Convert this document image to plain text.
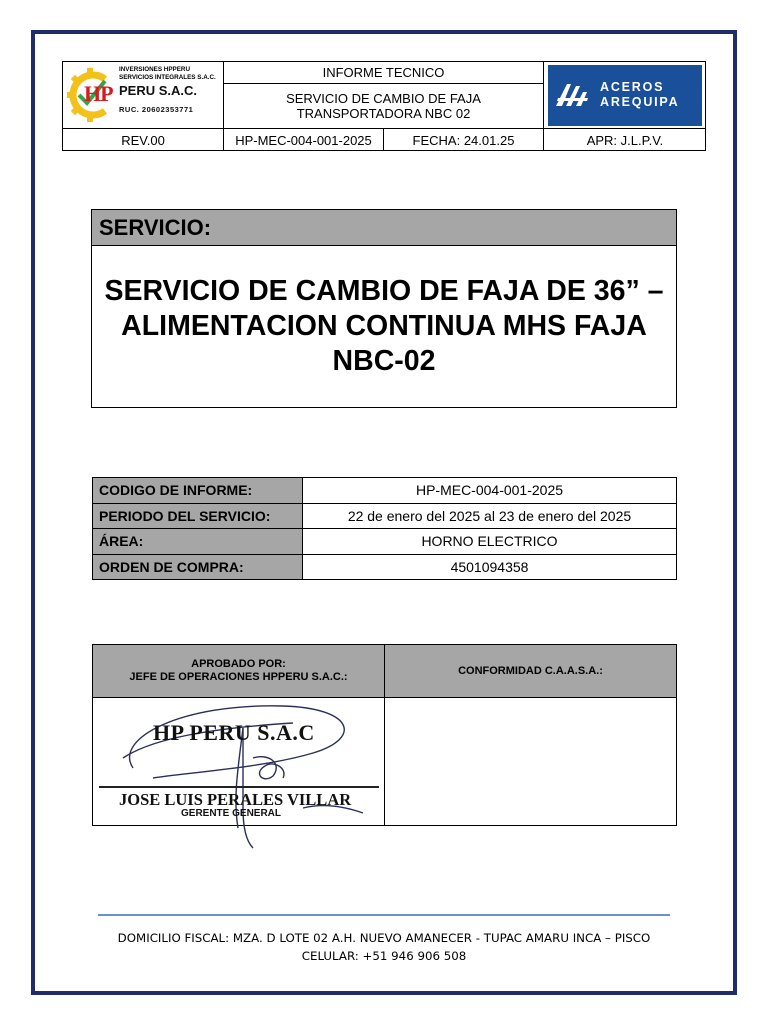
INVERSIONES HPPERU
SERVICIOS INTEGRALES S.A.C.
HP PERU S.A.C.
RUC. 20602353771
INFORME TECNICO
SERVICIO DE CAMBIO DE FAJA
TRANSPORTADORA NBC 02
ACEROS
AREQUIPA
REV.00	HP-MEC-004-001-2025	FECHA: 24.01.25	APR: J.L.P.V.
SERVICIO:
SERVICIO DE CAMBIO DE FAJA DE 36” – ALIMENTACION CONTINUA MHS FAJA NBC-02
CODIGO DE INFORME:	HP-MEC-004-001-2025
PERIODO DEL SERVICIO:	22 de enero del 2025 al 23 de enero del 2025
ÁREA:	HORNO ELECTRICO
ORDEN DE COMPRA:	4501094358
APROBADO POR:
JEFE DE OPERACIONES HPPERU S.A.C.:
CONFORMIDAD C.A.A.S.A.:
HP PERU S.A.C
JOSE LUIS PERALES VILLAR
GERENTE GENERAL
DOMICILIO FISCAL: MZA. D LOTE 02 A.H. NUEVO AMANECER - TUPAC AMARU INCA – PISCO
CELULAR: +51 946 906 508
